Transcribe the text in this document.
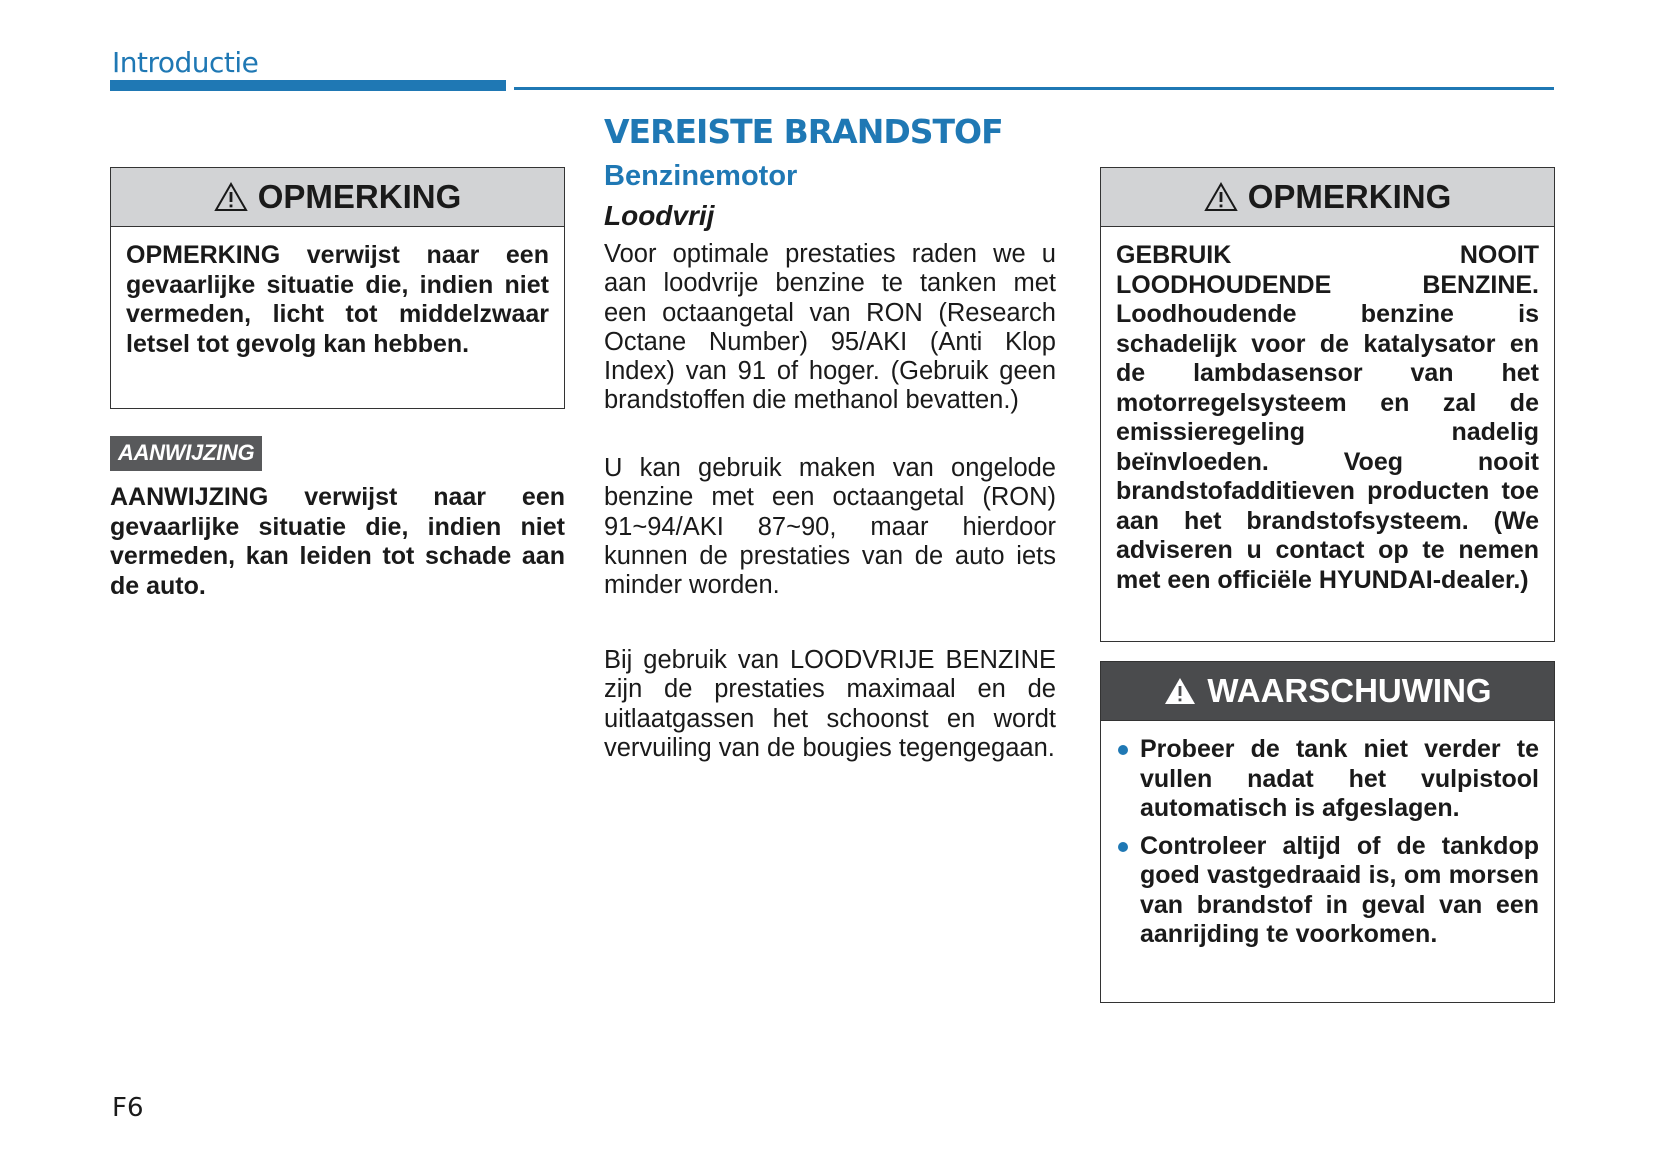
Introductie
OPMERKING
OPMERKING verwijst naar een gevaarlijke situatie die, indien niet vermeden, licht tot middelzwaar letsel tot gevolg kan hebben.
AANWIJZING
AANWIJZING verwijst naar een gevaarlijke situatie die, indien niet vermeden, kan leiden tot schade aan de auto.
VEREISTE BRANDSTOF
Benzinemotor
Loodvrij

Voor optimale prestaties raden we u aan loodvrije benzine te tanken met een octaangetal van RON (Research Octane Number) 95/AKI (Anti Klop Index) van 91 of hoger. (Gebruik geen brandstoffen die methanol bevatten.)

U kan gebruik maken van ongelode benzine met een octaangetal (RON) 91~94/AKI 87~90, maar hierdoor kunnen de prestaties van de auto iets minder worden.

Bij gebruik van LOODVRIJE BENZINE zijn de prestaties maximaal en de uitlaatgassen het schoonst en wordt vervuiling van de bougies tegengegaan.

OPMERKING
GEBRUIK NOOIT LOODHOUDENDE BENZINE. Loodhoudende benzine is schadelijk voor de katalysator en de lambdasensor van het motorregelsysteem en zal de emissieregeling nadelig beïnvloeden. Voeg nooit brandstofadditieven producten toe aan het brandstofsysteem. (We adviseren u contact op te nemen met een officiële HYUNDAI-dealer.)
WAARSCHUWING
Probeer de tank niet verder te vullen nadat het vulpistool automatisch is afgeslagen.
Controleer altijd of de tankdop goed vastgedraaid is, om morsen van brandstof in geval van een aanrijding te voorkomen.
F6
